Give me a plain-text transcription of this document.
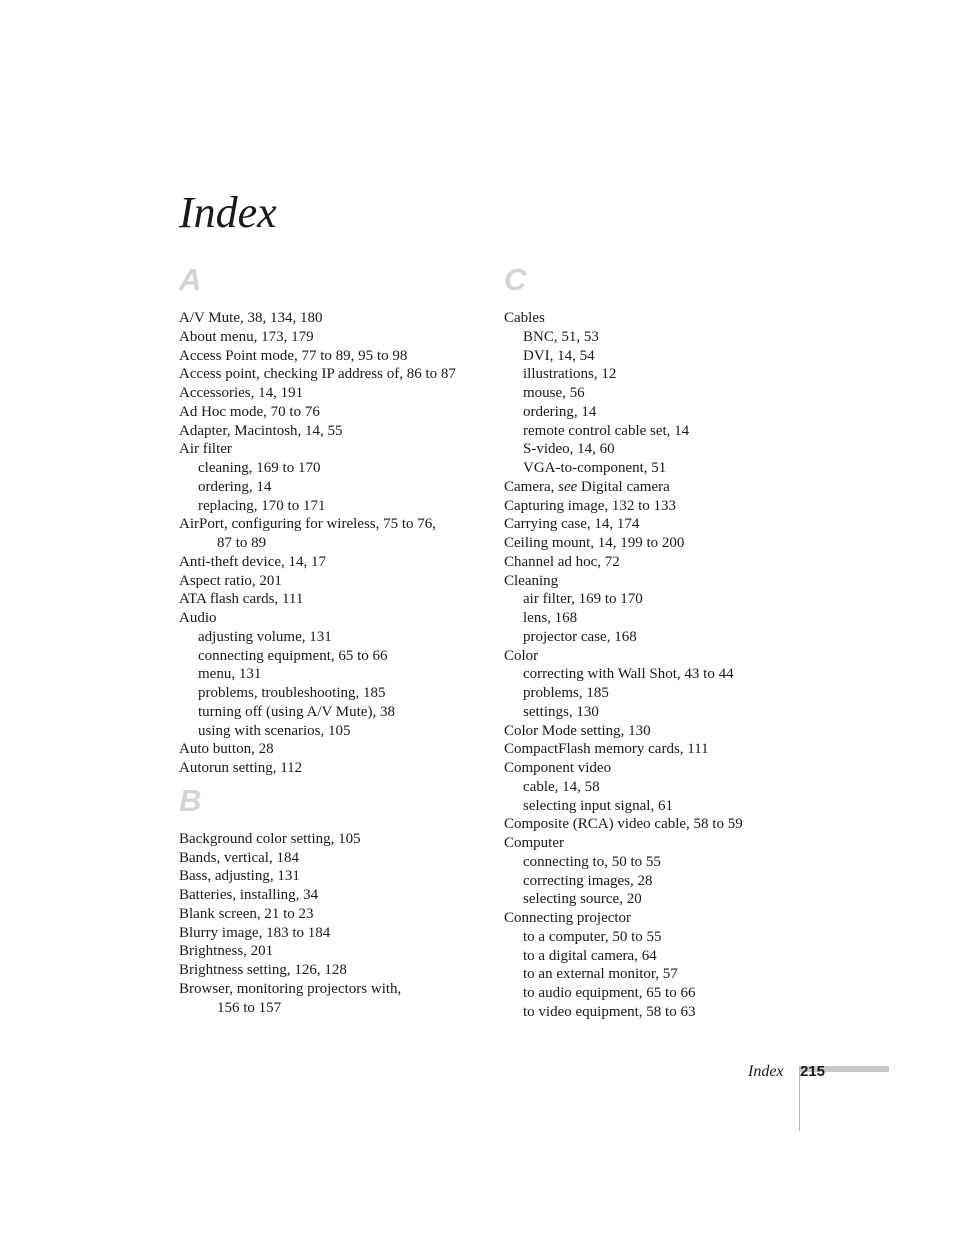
Index
A
A/V Mute, 38, 134, 180
About menu, 173, 179
Access Point mode, 77 to 89, 95 to 98
Access point, checking IP address of, 86 to 87
Accessories, 14, 191
Ad Hoc mode, 70 to 76
Adapter, Macintosh, 14, 55
Air filter
cleaning, 169 to 170
ordering, 14
replacing, 170 to 171
AirPort, configuring for wireless, 75 to 76,
87 to 89
Anti-theft device, 14, 17
Aspect ratio, 201
ATA flash cards, 111
Audio
adjusting volume, 131
connecting equipment, 65 to 66
menu, 131
problems, troubleshooting, 185
turning off (using A/V Mute), 38
using with scenarios, 105
Auto button, 28
Autorun setting, 112
B
Background color setting, 105
Bands, vertical, 184
Bass, adjusting, 131
Batteries, installing, 34
Blank screen, 21 to 23
Blurry image, 183 to 184
Brightness, 201
Brightness setting, 126, 128
Browser, monitoring projectors with,
156 to 157
C
Cables
BNC, 51, 53
DVI, 14, 54
illustrations, 12
mouse, 56
ordering, 14
remote control cable set, 14
S-video, 14, 60
VGA-to-component, 51
Camera, see Digital camera
Capturing image, 132 to 133
Carrying case, 14, 174
Ceiling mount, 14, 199 to 200
Channel ad hoc, 72
Cleaning
air filter, 169 to 170
lens, 168
projector case, 168
Color
correcting with Wall Shot, 43 to 44
problems, 185
settings, 130
Color Mode setting, 130
CompactFlash memory cards, 111
Component video
cable, 14, 58
selecting input signal, 61
Composite (RCA) video cable, 58 to 59
Computer
connecting to, 50 to 55
correcting images, 28
selecting source, 20
Connecting projector
to a computer, 50 to 55
to a digital camera, 64
to an external monitor, 57
to audio equipment, 65 to 66
to video equipment, 58 to 63
Index 215
